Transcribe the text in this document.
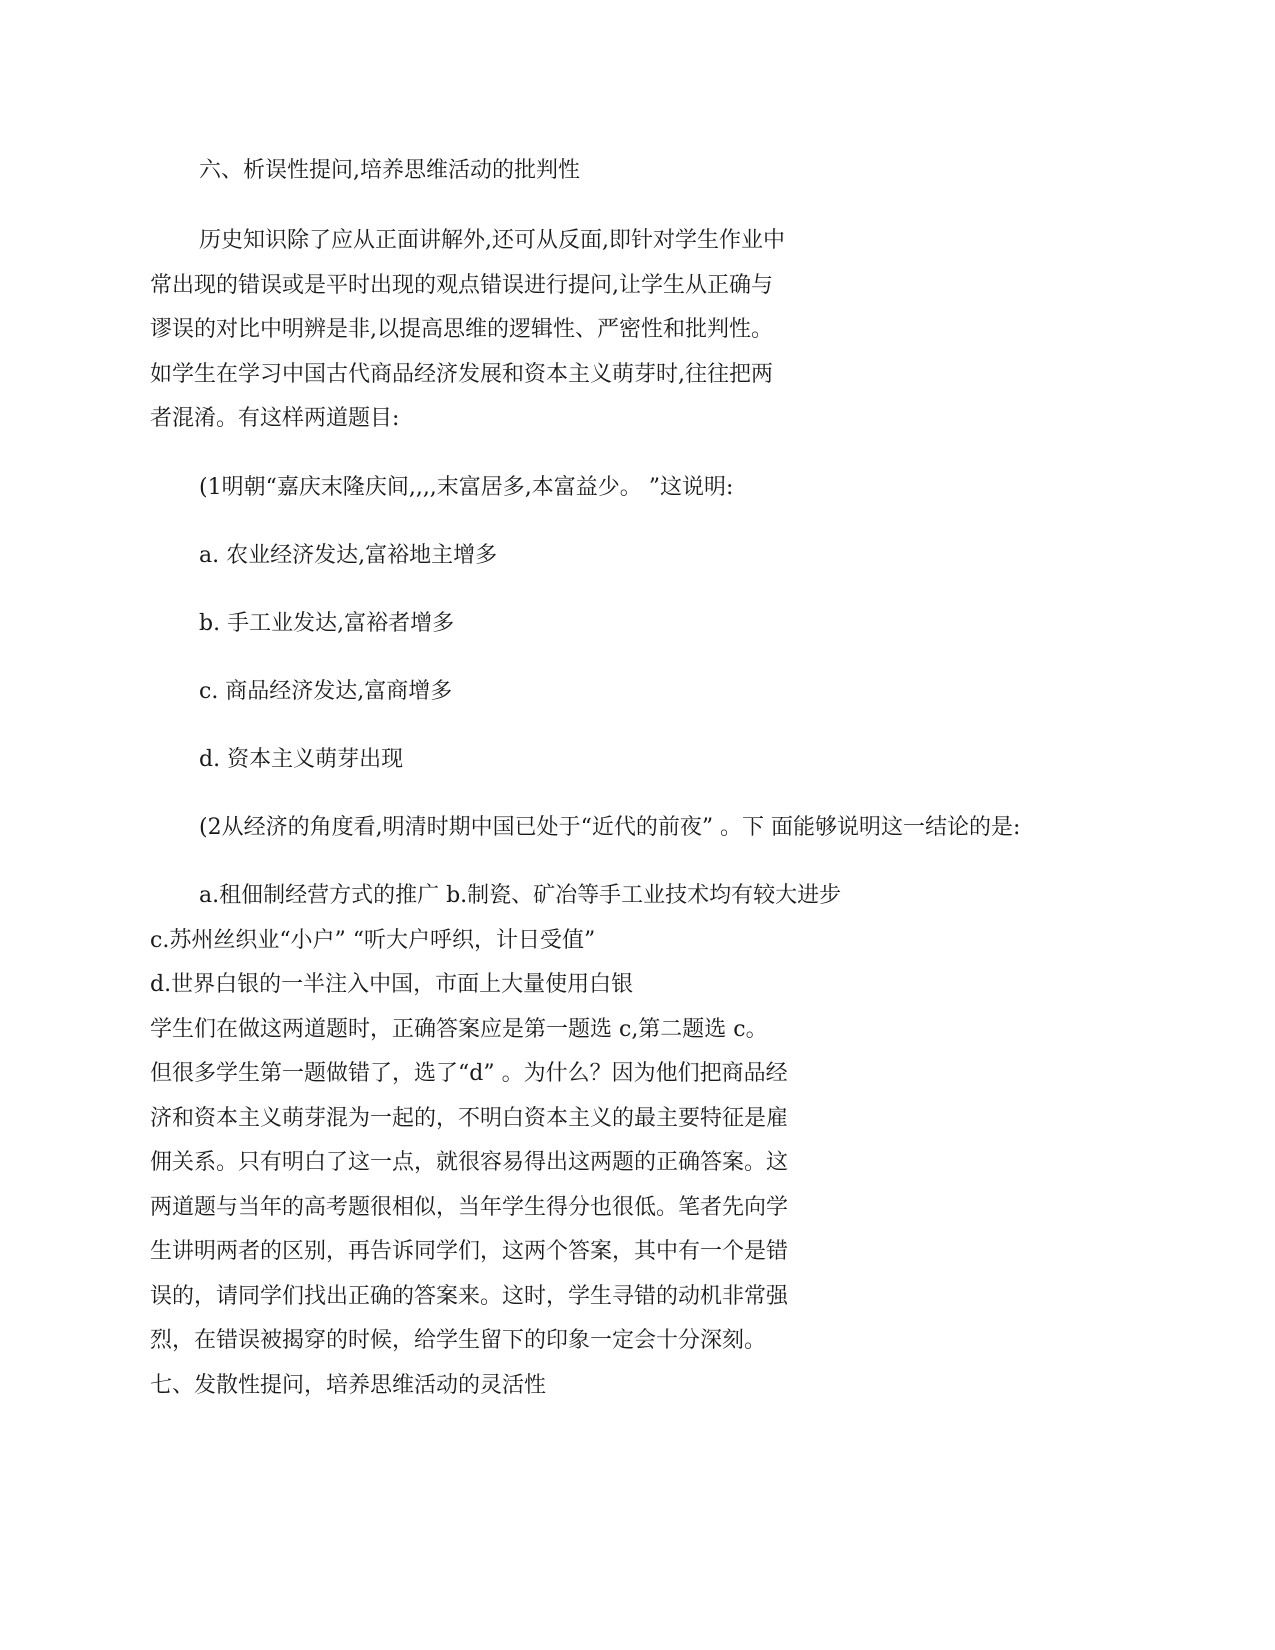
六、析误性提问,培养思维活动的批判性
历史知识除了应从正面讲解外,还可从反面,即针对学生作业中
常出现的错误或是平时出现的观点错误进行提问,让学生从正确与
谬误的对比中明辨是非,以提高思维的逻辑性、严密性和批判性。
如学生在学习中国古代商品经济发展和资本主义萌芽时,往往把两
者混淆。有这样两道题目:
(1明朝“嘉庆末隆庆间,,,,末富居多,本富益少。 ”这说明:
a. 农业经济发达,富裕地主增多
b. 手工业发达,富裕者增多
c. 商品经济发达,富商增多
d. 资本主义萌芽出现
(2从经济的角度看,明清时期中国已处于“近代的前夜” 。下 面能够说明这一结论的是:
a.租佃制经营方式的推广 b.制瓷、矿冶等手工业技术均有较大进步
c.苏州丝织业“小户” “听大户呼织，计日受值”
d.世界白银的一半注入中国，市面上大量使用白银
学生们在做这两道题时，正确答案应是第一题选 c,第二题选 c。
但很多学生第一题做错了，选了“d” 。为什么？因为他们把商品经
济和资本主义萌芽混为一起的，不明白资本主义的最主要特征是雇
佣关系。只有明白了这一点，就很容易得出这两题的正确答案。这
两道题与当年的高考题很相似，当年学生得分也很低。笔者先向学
生讲明两者的区别，再告诉同学们，这两个答案，其中有一个是错
误的，请同学们找出正确的答案来。这时，学生寻错的动机非常强
烈，在错误被揭穿的时候，给学生留下的印象一定会十分深刻。
七、发散性提问，培养思维活动的灵活性
